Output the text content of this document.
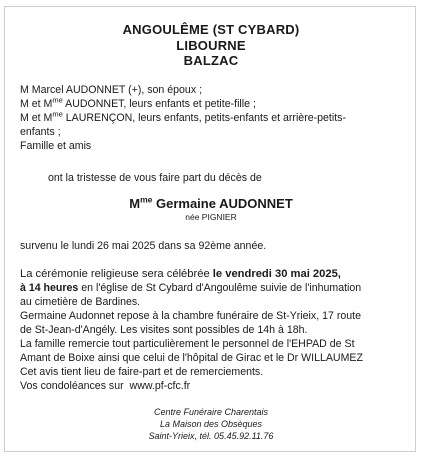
ANGOULÊME (ST CYBARD)
LIBOURNE
BALZAC
M Marcel AUDONNET (+), son époux ;
M et $M^{me}$ AUDONNET, leurs enfants et petite-fille ;
M et $M^{me}$ LAURENÇON, leurs enfants, petits-enfants et arrière-petits-
enfants ;
Famille et amis
ont la tristesse de vous faire part du décès de
$M^{me}$ Germaine AUDONNET
née PIGNIER
survenu le lundi 26 mai 2025 dans sa 92ème année.
La cérémonie religieuse sera célébrée le vendredi 30 mai 2025,
à 14 heures en l'église de St Cybard d'Angoulême suivie de l'inhumation
au cimetière de Bardines.
Germaine Audonnet repose à la chambre funéraire de St-Yrieix, 17 route
de St-Jean-d'Angély. Les visites sont possibles de 14h à 18h.
La famille remercie tout particulièrement le personnel de l'EHPAD de St
Amant de Boixe ainsi que celui de l'hôpital de Girac et le Dr WILLAUMEZ
Cet avis tient lieu de faire-part et de remerciements.
Vos condoléances sur  www.pf-cfc.fr
Centre Funéraire Charentais
La Maison des Obsèques
Saint-Yrieix, tél. 05.45.92.11.76
